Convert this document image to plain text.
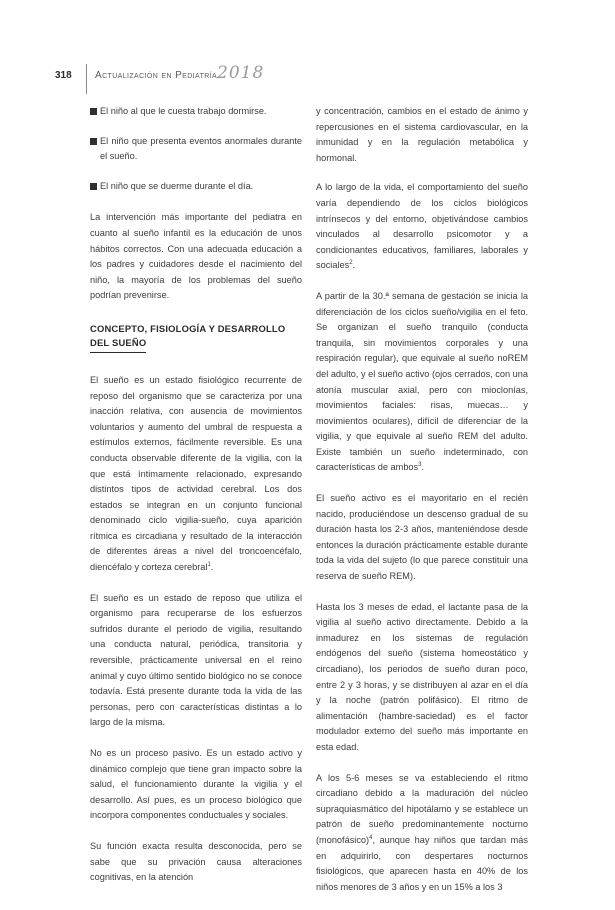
318 Actualización en Pediatría 2018
El niño al que le cuesta trabajo dormirse.
El niño que presenta eventos anormales durante el sueño.
El niño que se duerme durante el día.

La intervención más importante del pediatra en cuanto al sueño infantil es la educación de unos hábitos correctos. Con una adecuada educación a los padres y cuidadores desde el nacimiento del niño, la mayoría de los problemas del sueño podrían prevenirse.

CONCEPTO, FISIOLOGÍA Y DESARROLLO
DEL SUEÑO

El sueño es un estado fisiológico recurrente de reposo del organismo que se caracteriza por una inacción relativa, con ausencia de movimientos voluntarios y aumento del umbral de respuesta a estímulos externos, fácilmente reversible. Es una conducta observable diferente de la vigilia, con la que está íntimamente relacionado, expresando distintos tipos de actividad cerebral. Los dos estados se integran en un conjunto funcional denominado ciclo vigilia-sueño, cuya aparición rítmica es circadiana y resultado de la interacción de diferentes áreas a nivel del troncoencéfalo, diencéfalo y corteza cerebral$^1$.

El sueño es un estado de reposo que utiliza el organismo para recuperarse de los esfuerzos sufridos durante el periodo de vigilia, resultando una conducta natural, periódica, transitoria y reversible, prácticamente universal en el reino animal y cuyo último sentido biológico no se conoce todavía. Está presente durante toda la vida de las personas, pero con características distintas a lo largo de la misma.

No es un proceso pasivo. Es un estado activo y dinámico complejo que tiene gran impacto sobre la salud, el funcionamiento durante la vigilia y el desarrollo. Así pues, es un proceso biológico que incorpora componentes conductuales y sociales.

Su función exacta resulta desconocida, pero se sabe que su privación causa alteraciones cognitivas, en la atención

y concentración, cambios en el estado de ánimo y repercusiones en el sistema cardiovascular, en la inmunidad y en la regulación metabólica y hormonal.

A lo largo de la vida, el comportamiento del sueño varía dependiendo de los ciclos biológicos intrínsecos y del entorno, objetivándose cambios vinculados al desarrollo psicomotor y a condicionantes educativos, familiares, laborales y sociales$^2$.

A partir de la 30.ª semana de gestación se inicia la diferenciación de los ciclos sueño/vigilia en el feto. Se organizan el sueño tranquilo (conducta tranquila, sin movimientos corporales y una respiración regular), que equivale al sueño noREM del adulto, y el sueño activo (ojos cerrados, con una atonía muscular axial, pero con mioclonías, movimientos faciales: risas, muecas… y movimientos oculares), difícil de diferenciar de la vigilia, y que equivale al sueño REM del adulto. Existe también un sueño indeterminado, con características de ambos$^3$.

El sueño activo es el mayoritario en el recién nacido, produciéndose un descenso gradual de su duración hasta los 2-3 años, manteniéndose desde entonces la duración prácticamente estable durante toda la vida del sujeto (lo que parece constituir una reserva de sueño REM).

Hasta los 3 meses de edad, el lactante pasa de la vigilia al sueño activo directamente. Debido a la inmadurez en los sistemas de regulación endógenos del sueño (sistema homeostático y circadiano), los periodos de sueño duran poco, entre 2 y 3 horas, y se distribuyen al azar en el día y la noche (patrón polifásico). El ritmo de alimentación (hambre-saciedad) es el factor modulador externo del sueño más importante en esta edad.

A los 5-6 meses se va estableciendo el ritmo circadiano debido a la maduración del núcleo supraquiasmático del hipotálamo y se establece un patrón de sueño predominantemente nocturno (monofásico)$^4$, aunque hay niños que tardan más en adquirirlo, con despertares nocturnos fisiológicos, que aparecen hasta en 40% de los niños menores de 3 años y en un 15% a los 3
